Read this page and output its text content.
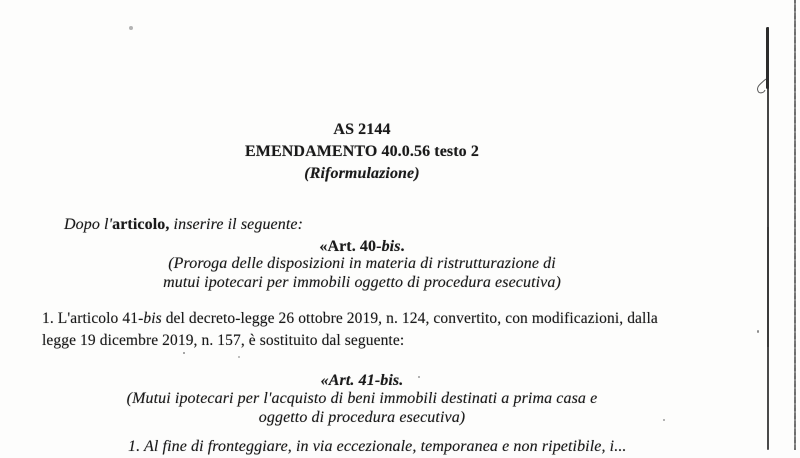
AS 2144
EMENDAMENTO 40.0.56 testo 2
(Riformulazione)
Dopo l'articolo, inserire il seguente:
«Art. 40-bis.
(Proroga delle disposizioni in materia di ristrutturazione di
mutui ipotecari per immobili oggetto di procedura esecutiva)
1. L'articolo 41-bis del decreto-legge 26 ottobre 2019, n. 124, convertito, con modificazioni, dalla
legge 19 dicembre 2019, n. 157, è sostituito dal seguente:
«Art. 41-bis.
(Mutui ipotecari per l'acquisto di beni immobili destinati a prima casa e
oggetto di procedura esecutiva)
1. Al fine di fronteggiare, in via eccezionale, temporanea e non ripetibile, i...
